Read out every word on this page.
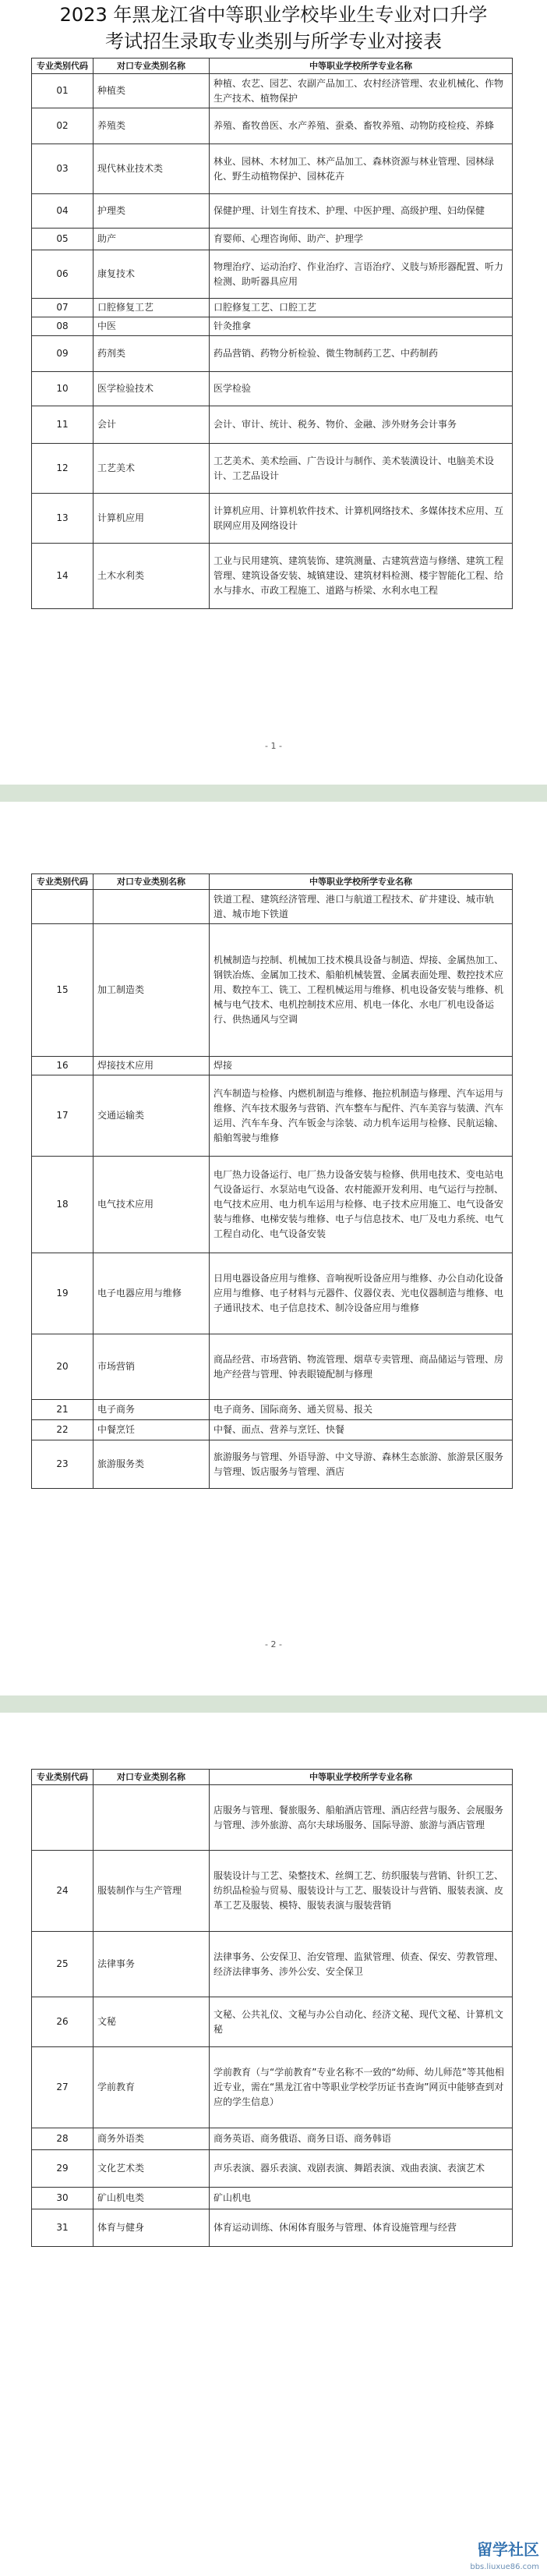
2023 年黑龙江省中等职业学校毕业生专业对口升学
考试招生录取专业类别与所学专业对接表
专业类别代码	对口专业类别名称	中等职业学校所学专业名称
01	种植类	种植、农艺、园艺、农副产品加工、农村经济管理、农业机械化、作物生产技术、植物保护
02	养殖类	养殖、畜牧兽医、水产养殖、蚕桑、畜牧养殖、动物防疫检疫、养蜂
03	现代林业技术类	林业、园林、木材加工、林产品加工、森林资源与林业管理、园林绿化、野生动植物保护、园林花卉
04	护理类	保健护理、计划生育技术、护理、中医护理、高级护理、妇幼保健
05	助产	育婴师、心理咨询师、助产、护理学
06	康复技术	物理治疗、运动治疗、作业治疗、言语治疗、义肢与矫形器配置、听力检测、助听器具应用
07	口腔修复工艺	口腔修复工艺、口腔工艺
08	中医	针灸推拿
09	药剂类	药品营销、药物分析检验、微生物制药工艺、中药制药
10	医学检验技术	医学检验
11	会计	会计、审计、统计、税务、物价、金融、涉外财务会计事务
12	工艺美术	工艺美术、美术绘画、广告设计与制作、美术装潢设计、电脑美术设计、工艺品设计
13	计算机应用	计算机应用、计算机软件技术、计算机网络技术、多媒体技术应用、互联网应用及网络设计
14	土木水利类	工业与民用建筑、建筑装饰、建筑测量、古建筑营造与修缮、建筑工程管理、建筑设备安装、城镇建设、建筑材料检测、楼宇智能化工程、给水与排水、市政工程施工、道路与桥梁、水利水电工程
- 1 -
专业类别代码	对口专业类别名称	中等职业学校所学专业名称
		铁道工程、建筑经济管理、港口与航道工程技术、矿井建设、城市轨道、城市地下铁道
15	加工制造类	机械制造与控制、机械加工技术模具设备与制造、焊接、金属热加工、钢铁冶炼、金属加工技术、船舶机械装置、金属表面处理、数控技术应用、数控车工、铣工、工程机械运用与维修、机电设备安装与维修、机械与电气技术、电机控制技术应用、机电一体化、水电厂机电设备运行、供热通风与空调
16	焊接技术应用	焊接
17	交通运输类	汽车制造与检修、内燃机制造与维修、拖拉机制造与修理、汽车运用与维修、汽车技术服务与营销、汽车整车与配件、汽车美容与装潢、汽车运用、汽车车身、汽车钣金与涂装、动力机车运用与检修、民航运输、船舶驾驶与维修
18	电气技术应用	电厂热力设备运行、电厂热力设备安装与检修、供用电技术、变电站电气设备运行、水泵站电气设备、农村能源开发利用、电气运行与控制、电气技术应用、电力机车运用与检修、电子技术应用施工、电气设备安装与维修、电梯安装与维修、电子与信息技术、电厂及电力系统、电气工程自动化、电气设备安装
19	电子电器应用与维修	日用电器设备应用与维修、音响视听设备应用与维修、办公自动化设备应用与维修、电子材料与元器件、仪器仪表、光电仪器制造与维修、电子通讯技术、电子信息技术、制冷设备应用与维修
20	市场营销	商品经营、市场营销、物流管理、烟草专卖管理、商品储运与管理、房地产经营与管理、钟表眼镜配制与修理
21	电子商务	电子商务、国际商务、通关贸易、报关
22	中餐烹饪	中餐、面点、营养与烹饪、快餐
23	旅游服务类	旅游服务与管理、外语导游、中文导游、森林生态旅游、旅游景区服务与管理、饭店服务与管理、酒店
- 2 -
专业类别代码	对口专业类别名称	中等职业学校所学专业名称
		店服务与管理、餐旅服务、船舶酒店管理、酒店经营与服务、会展服务与管理、涉外旅游、高尔夫球场服务、国际导游、旅游与酒店管理
24	服装制作与生产管理	服装设计与工艺、染整技术、丝绸工艺、纺织服装与营销、针织工艺、纺织品检验与贸易、服装设计与工艺、服装设计与营销、服装表演、皮革工艺及服装、模特、服装表演与服装营销
25	法律事务	法律事务、公安保卫、治安管理、监狱管理、侦查、保安、劳教管理、经济法律事务、涉外公安、安全保卫
26	文秘	文秘、公共礼仪、文秘与办公自动化、经济文秘、现代文秘、计算机文秘
27	学前教育	学前教育（与“学前教育”专业名称不一致的“幼师、幼儿师范”等其他相近专业，需在“黑龙江省中等职业学校学历证书查询”网页中能够查到对应的学生信息）
28	商务外语类	商务英语、商务俄语、商务日语、商务韩语
29	文化艺术类	声乐表演、器乐表演、戏剧表演、舞蹈表演、戏曲表演、表演艺术
30	矿山机电类	矿山机电
31	体育与健身	体育运动训练、休闲体育服务与管理、体育设施管理与经营
留学社区
bbs.liuxue86.com
